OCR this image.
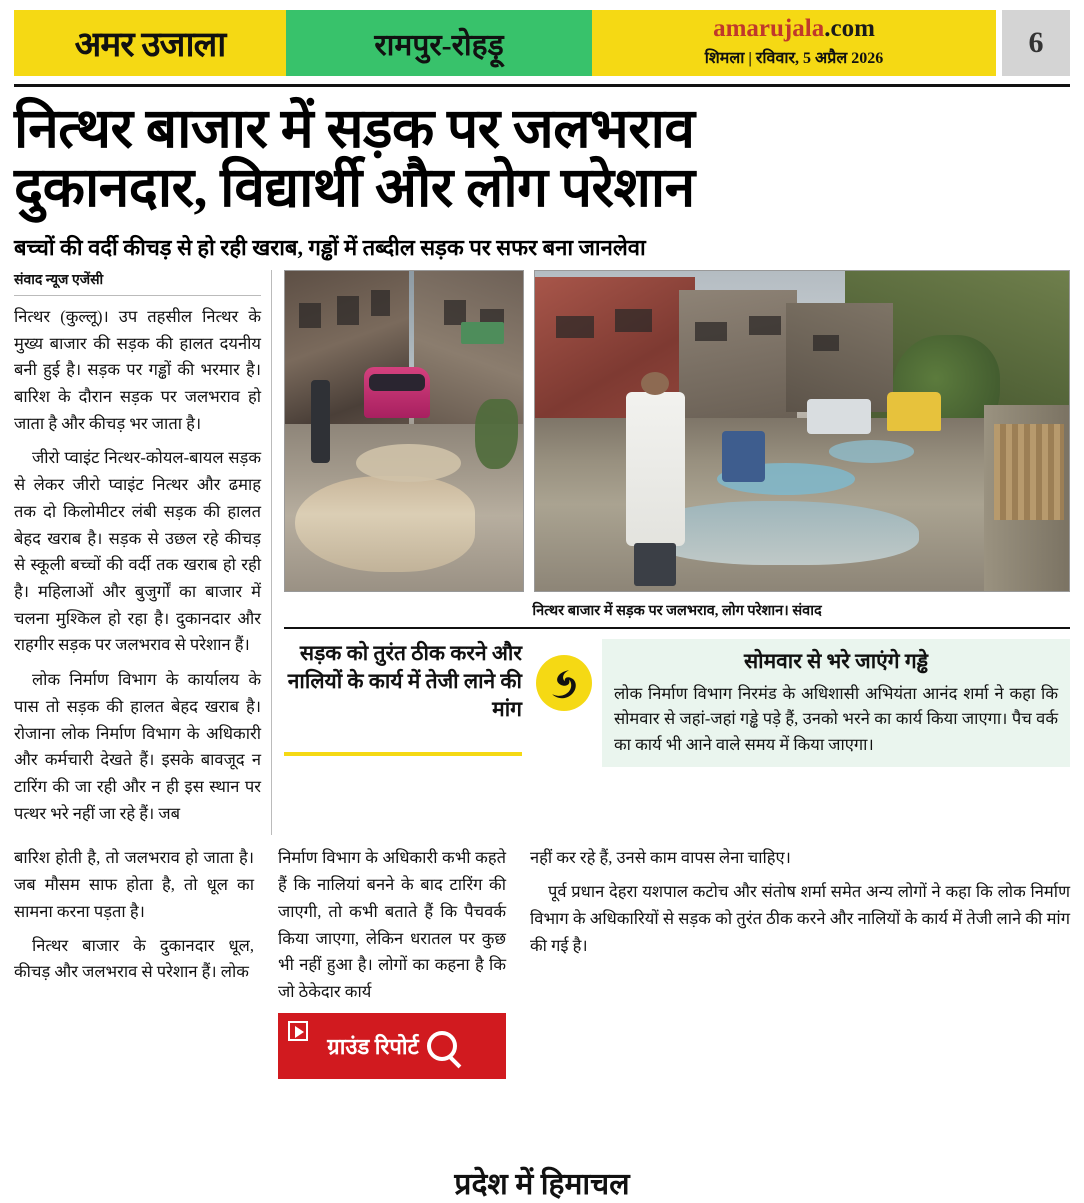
अमर उजाला	रामपुर-रोहड़ू	amarujala.com
शिमला | रविवार, 5 अप्रैल 2026	6
नित्थर बाजार में सड़क पर जलभराव
दुकानदार, विद्यार्थी और लोग परेशान
बच्चों की वर्दी कीचड़ से हो रही खराब, गड्ढों में तब्दील सड़क पर सफर बना जानलेवा
संवाद न्यूज एजेंसी

नित्थर (कुल्लू)। उप तहसील नित्थर के मुख्य बाजार की सड़क की हालत दयनीय बनी हुई है। सड़क पर गड्ढों की भरमार है। बारिश के दौरान सड़क पर जलभराव हो जाता है और कीचड़ भर जाता है।

जीरो प्वाइंट नित्थर-कोयल-बायल सड़क से लेकर जीरो प्वाइंट नित्थर और ढमाह तक दो किलोमीटर लंबी सड़क की हालत बेहद खराब है। सड़क से उछल रहे कीचड़ से स्कूली बच्चों की वर्दी तक खराब हो रही है। महिलाओं और बुजुर्गों का बाजार में चलना मुश्किल हो रहा है। दुकानदार और राहगीर सड़क पर जलभराव से परेशान हैं।

लोक निर्माण विभाग के कार्यालय के पास तो सड़क की हालत बेहद खराब है। रोजाना लोक निर्माण विभाग के अधिकारी और कर्मचारी देखते हैं। इसके बावजूद न टारिंग की जा रही और न ही इस स्थान पर पत्थर भरे नहीं जा रहे हैं। जब

नित्थर बाजार में सड़क पर जलभराव, लोग परेशान। संवाद
सड़क को तुरंत ठीक करने और नालियों के कार्य में तेजी लाने की मांग
सोमवार से भरे जाएंगे गड्ढे

लोक निर्माण विभाग निरमंड के अधिशासी अभियंता आनंद शर्मा ने कहा कि सोमवार से जहां-जहां गड्ढे पड़े हैं, उनको भरने का कार्य किया जाएगा। पैच वर्क का कार्य भी आने वाले समय में किया जाएगा।

बारिश होती है, तो जलभराव हो जाता है। जब मौसम साफ होता है, तो धूल का सामना करना पड़ता है।

नित्थर बाजार के दुकानदार धूल, कीचड़ और जलभराव से परेशान हैं। लोक

निर्माण विभाग के अधिकारी कभी कहते हैं कि नालियां बनने के बाद टारिंग की जाएगी, तो कभी बताते हैं कि पैचवर्क किया जाएगा, लेकिन धरातल पर कुछ भी नहीं हुआ है। लोगों का कहना है कि जो ठेकेदार कार्य

ग्राउंड रिपोर्ट

नहीं कर रहे हैं, उनसे काम वापस लेना चाहिए।

पूर्व प्रधान देहरा यशपाल कटोच और संतोष शर्मा समेत अन्य लोगों ने कहा कि लोक निर्माण विभाग के अधिकारियों से सड़क को तुरंत ठीक करने और नालियों के कार्य में तेजी लाने की मांग की गई है।

प्रदेश में हिमाचल
